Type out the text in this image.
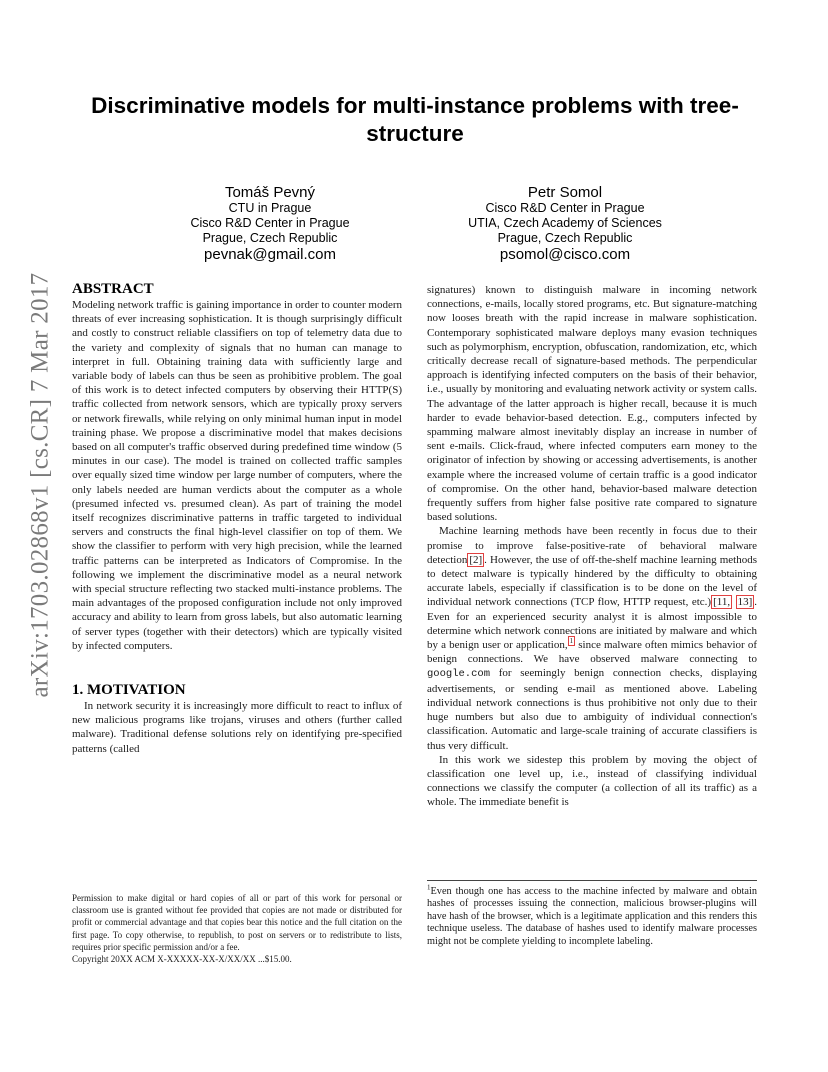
arXiv:1703.02868v1 [cs.CR] 7 Mar 2017
Discriminative models for multi-instance problems with tree-structure
Tomáš Pevný
CTU in Prague
Cisco R&D Center in Prague
Prague, Czech Republic
pevnak@gmail.com
Petr Somol
Cisco R&D Center in Prague
UTIA, Czech Academy of Sciences
Prague, Czech Republic
psomol@cisco.com
ABSTRACT

Modeling network traffic is gaining importance in order to counter modern threats of ever increasing sophistication. It is though surprisingly difficult and costly to construct reliable classifiers on top of telemetry data due to the variety and complexity of signals that no human can manage to interpret in full. Obtaining training data with sufficiently large and variable body of labels can thus be seen as prohibitive problem. The goal of this work is to detect infected computers by observing their HTTP(S) traffic collected from network sensors, which are typically proxy servers or network firewalls, while relying on only minimal human input in model training phase. We propose a discriminative model that makes decisions based on all computer's traffic observed during predefined time window (5 minutes in our case). The model is trained on collected traffic samples over equally sized time window per large number of computers, where the only labels needed are human verdicts about the computer as a whole (presumed infected vs. presumed clean). As part of training the model itself recognizes discriminative patterns in traffic targeted to individual servers and constructs the final high-level classifier on top of them. We show the classifier to perform with very high precision, while the learned traffic patterns can be interpreted as Indicators of Compromise. In the following we implement the discriminative model as a neural network with special structure reflecting two stacked multi-instance problems. The main advantages of the proposed configuration include not only improved accuracy and ability to learn from gross labels, but also automatic learning of server types (together with their detectors) which are typically visited by infected computers.

1. MOTIVATION

In network security it is increasingly more difficult to react to influx of new malicious programs like trojans, viruses and others (further called malware). Traditional defense solutions rely on identifying pre-specified patterns (called

Permission to make digital or hard copies of all or part of this work for personal or classroom use is granted without fee provided that copies are not made or distributed for profit or commercial advantage and that copies bear this notice and the full citation on the first page. To copy otherwise, to republish, to post on servers or to redistribute to lists, requires prior specific permission and/or a fee.
Copyright 20XX ACM X-XXXXX-XX-X/XX/XX ...$15.00.

signatures) known to distinguish malware in incoming network connections, e-mails, locally stored programs, etc. But signature-matching now looses breath with the rapid increase in malware sophistication. Contemporary sophisticated malware deploys many evasion techniques such as polymorphism, encryption, obfuscation, randomization, etc, which critically decrease recall of signature-based methods. The perpendicular approach is identifying infected computers on the basis of their behavior, i.e., usually by monitoring and evaluating network activity or system calls. The advantage of the latter approach is higher recall, because it is much harder to evade behavior-based detection. E.g., computers infected by spamming malware almost inevitably display an increase in number of sent e-mails. Click-fraud, where infected computers earn money to the originator of infection by showing or accessing advertisements, is another example where the increased volume of certain traffic is a good indicator of compromise. On the other hand, behavior-based malware detection frequently suffers from higher false positive rate compared to signature based solutions.

Machine learning methods have been recently in focus due to their promise to improve false-positive-rate of behavioral malware detection [2] . However, the use of off-the-shelf machine learning methods to detect malware is typically hindered by the difficulty to obtaining accurate labels, especially if classification is to be done on the level of individual network connections (TCP flow, HTTP request, etc.) [11, 13] . Even for an experienced security analyst it is almost impossible to determine which network connections are initiated by malware and which by a benign user or application, $^1$ since malware often mimics behavior of benign connections. We have observed malware connecting to google.com for seemingly benign connection checks, displaying advertisements, or sending e-mail as mentioned above. Labeling individual network connections is thus prohibitive not only due to their huge numbers but also due to ambiguity of individual connection's classification. Automatic and large-scale training of accurate classifiers is thus very difficult.

In this work we sidestep this problem by moving the object of classification one level up, i.e., instead of classifying individual connections we classify the computer (a collection of all its traffic) as a whole. The immediate benefit is

$^1$Even though one has access to the machine infected by malware and obtain hashes of processes issuing the connection, malicious browser-plugins will have hash of the browser, which is a legitimate application and this renders this technique useless. The database of hashes used to identify malware processes might not be complete yielding to incomplete labeling.
